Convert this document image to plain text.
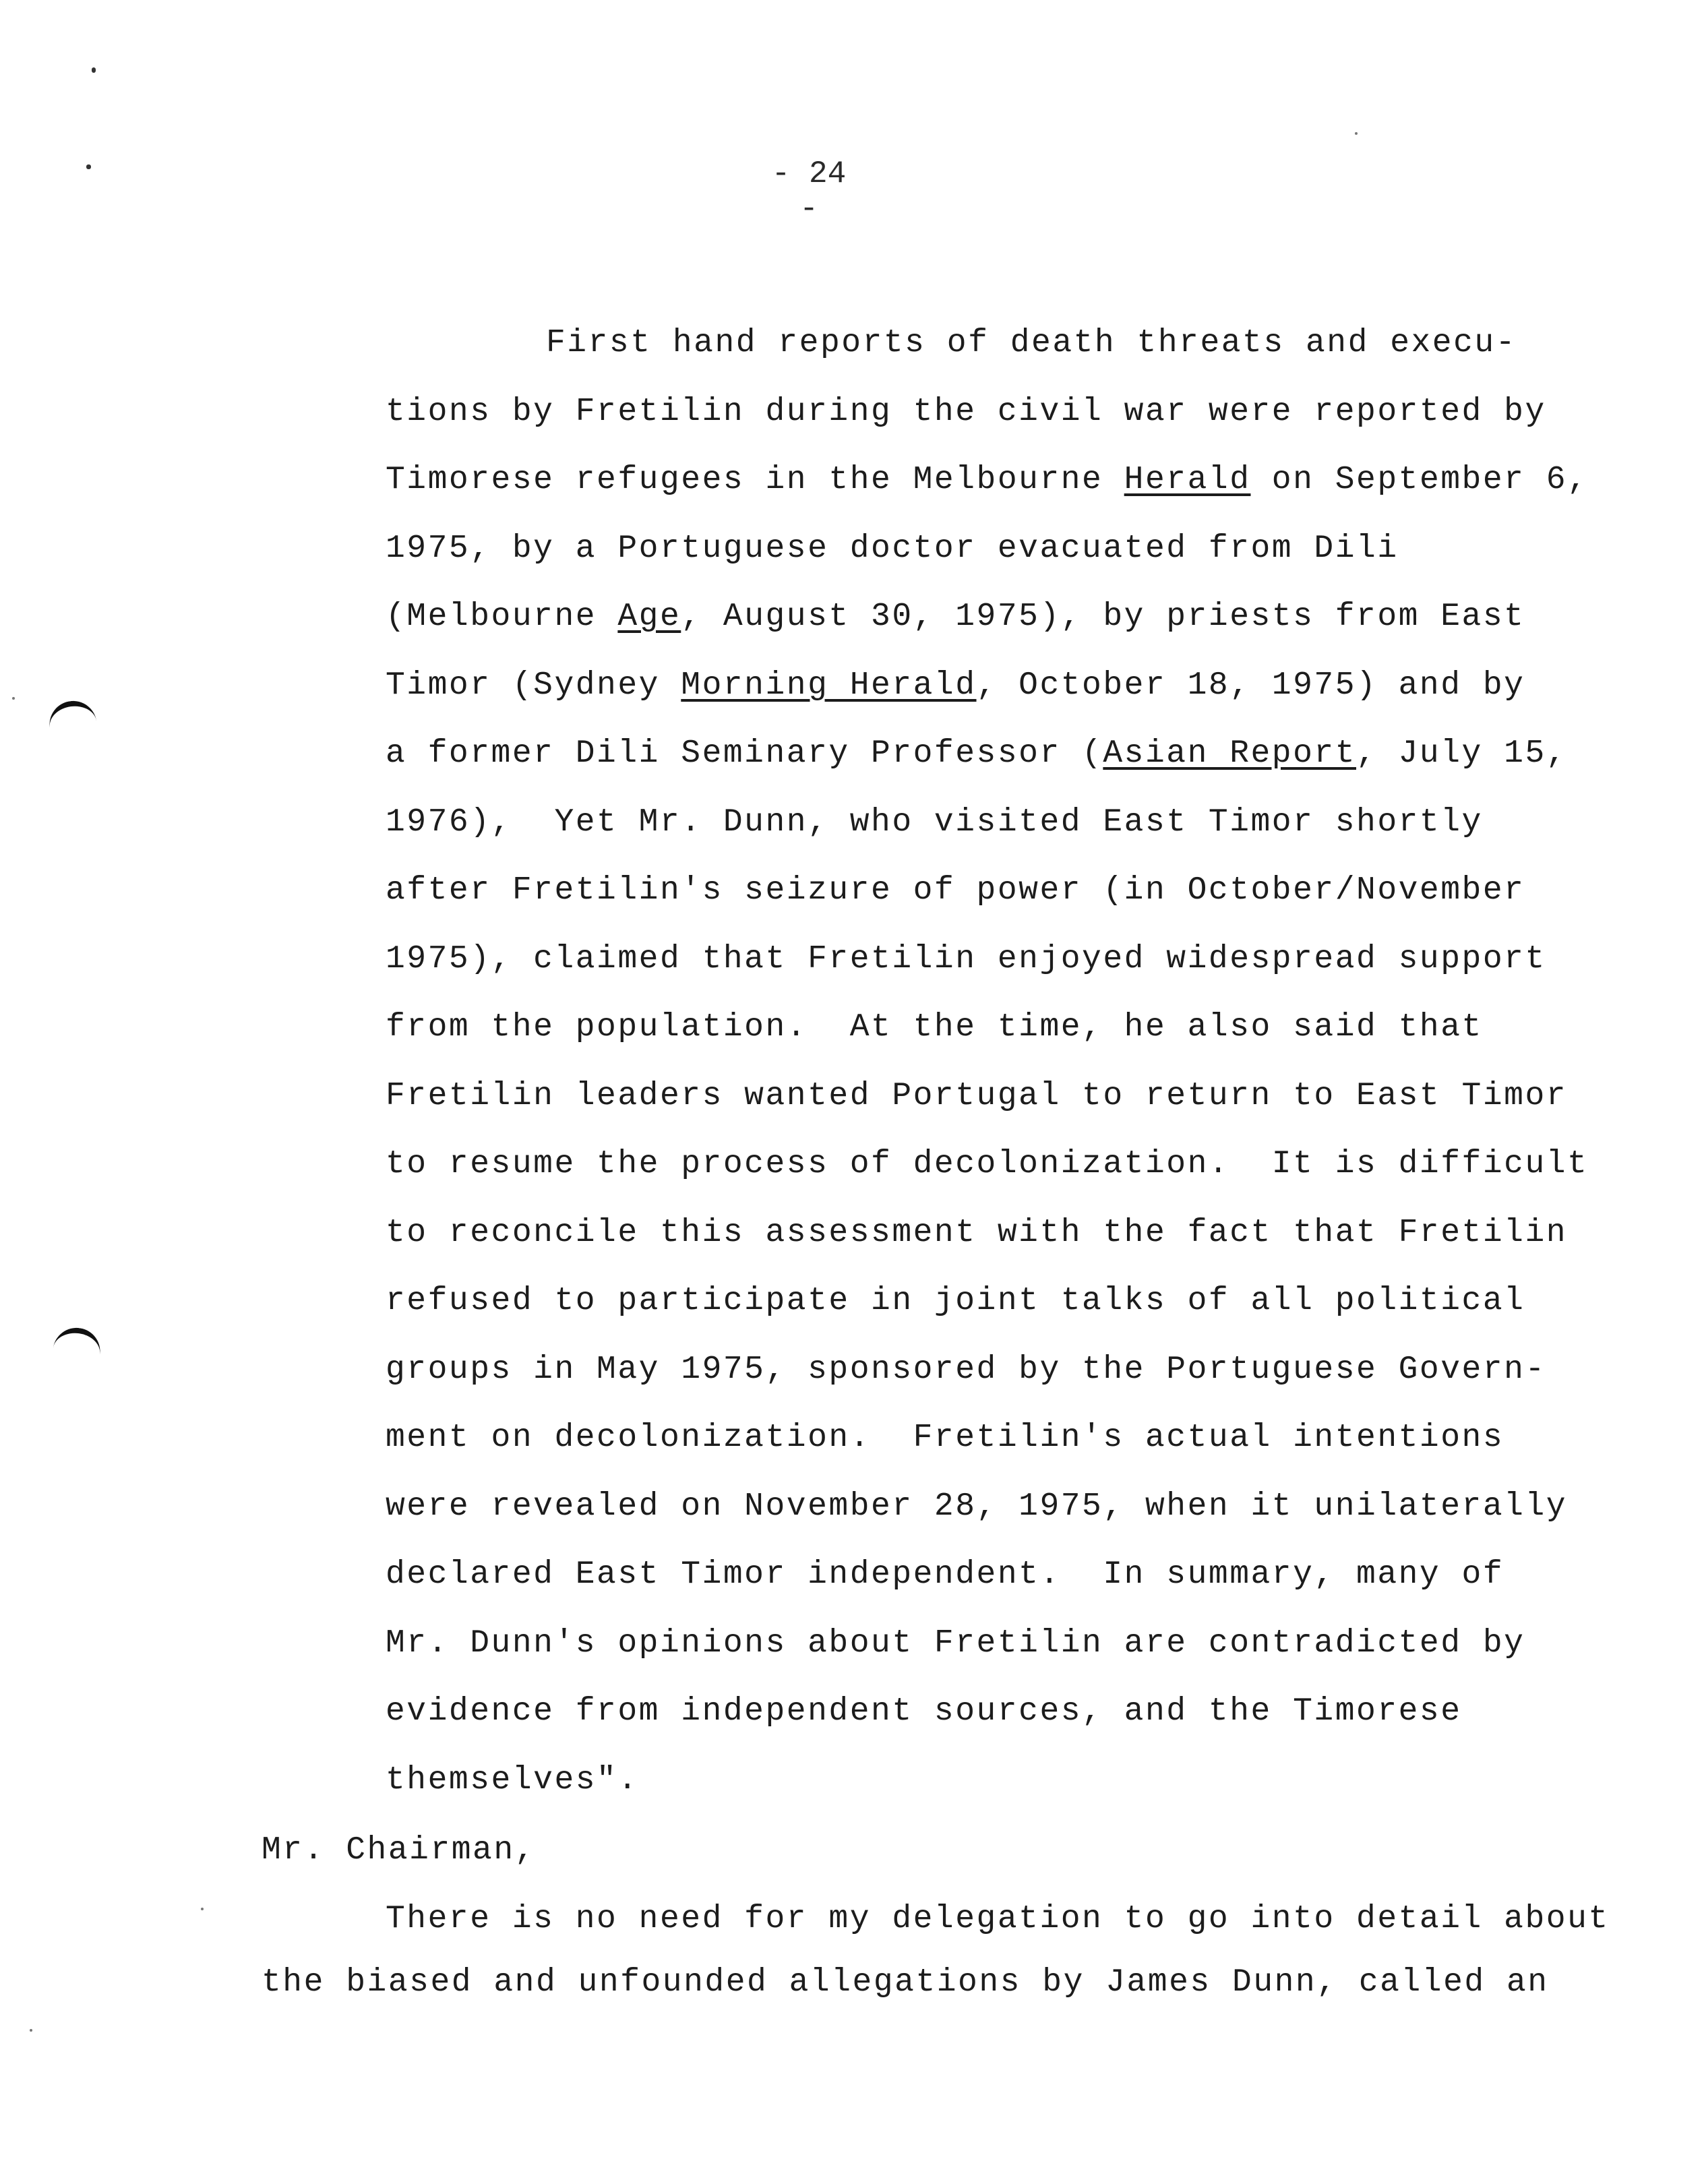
- 24 -
First hand reports of death threats and execu-
tions by Fretilin during the civil war were reported by
Timorese refugees in the Melbourne Herald on September 6,
1975, by a Portuguese doctor evacuated from Dili
(Melbourne Age, August 30, 1975), by priests from East
Timor (Sydney Morning Herald, October 18, 1975) and by
a former Dili Seminary Professor (Asian Report, July 15,
1976),  Yet Mr. Dunn, who visited East Timor shortly
after Fretilin's seizure of power (in October/November
1975), claimed that Fretilin enjoyed widespread support
from the population.  At the time, he also said that
Fretilin leaders wanted Portugal to return to East Timor
to resume the process of decolonization.  It is difficult
to reconcile this assessment with the fact that Fretilin
refused to participate in joint talks of all political
groups in May 1975, sponsored by the Portuguese Govern-
ment on decolonization.  Fretilin's actual intentions
were revealed on November 28, 1975, when it unilaterally
declared East Timor independent.  In summary, many of
Mr. Dunn's opinions about Fretilin are contradicted by
evidence from independent sources, and the Timorese
themselves".
Mr. Chairman,
There is no need for my delegation to go into detail about
the biased and unfounded allegations by James Dunn, called an
